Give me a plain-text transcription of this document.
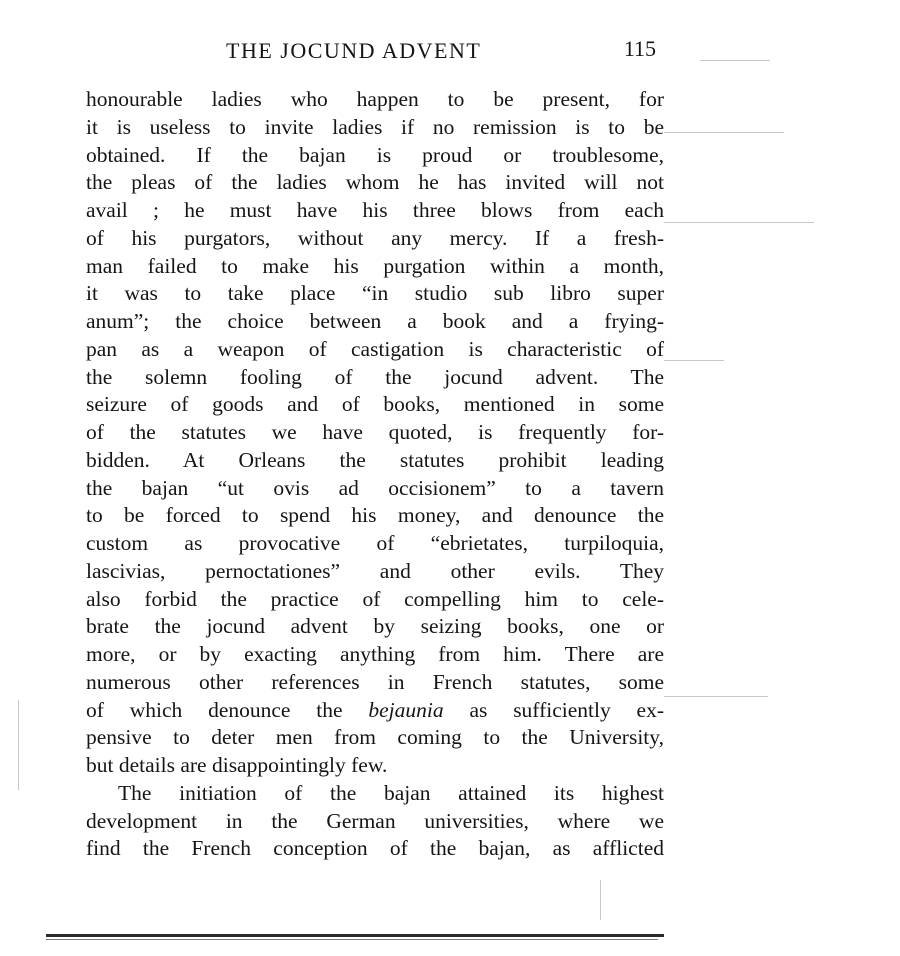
THE JOCUND ADVENT	115
honourable ladies who happen to be present, for
it is useless to invite ladies if no remission is to be
obtained. If the bajan is proud or troublesome,
the pleas of the ladies whom he has invited will not
avail ; he must have his three blows from each
of his purgators, without any mercy. If a fresh-
man failed to make his purgation within a month,
it was to take place “in studio sub libro super
anum”; the choice between a book and a frying-
pan as a weapon of castigation is characteristic of
the solemn fooling of the jocund advent. The
seizure of goods and of books, mentioned in some
of the statutes we have quoted, is frequently for-
bidden. At Orleans the statutes prohibit leading
the bajan “ut ovis ad occisionem” to a tavern
to be forced to spend his money, and denounce the
custom as provocative of “ebrietates, turpiloquia,
lascivias, pernoctationes” and other evils. They
also forbid the practice of compelling him to cele-
brate the jocund advent by seizing books, one or
more, or by exacting anything from him. There are
numerous other references in French statutes, some
of which denounce the bejaunia as sufficiently ex-
pensive to deter men from coming to the University,
but details are disappointingly few.
The initiation of the bajan attained its highest
development in the German universities, where we
find the French conception of the bajan, as afflicted
